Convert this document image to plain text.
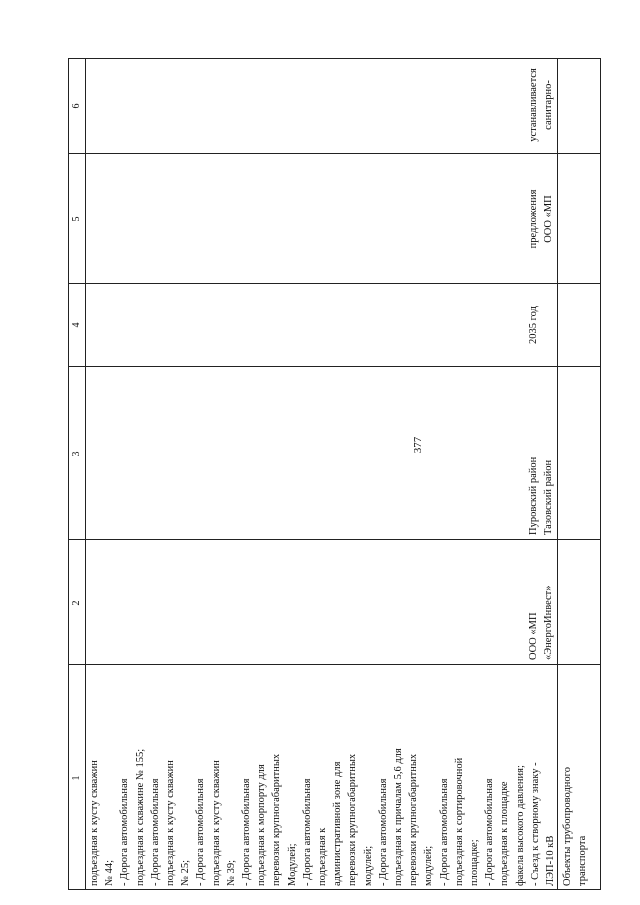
377
1
2
3
4
5
6
подъездная к кусту скважин № 44; - Дорога автомобильная подъездная к скважине № 155; - Дорога автомобильная подъездная к кусту скважин № 25; - Дорога автомобильная подъездная к кусту скважин № 39; - Дорога автомобильная подъездная к морпорту для перевозки крупногабаритных Модулей; - Дорога автомобильная подъездная к административной зоне для перевозки крупногабаритных модулей; - Дорога автомобильная подъездная к причалам 5,6 для перевозки крупногабаритных модулей; - Дорога автомобильная подъездная к сортировочной площадке; - Дорога автомобильная подъездная к площадке факела высокого давления; - Съезд к створному знаку - ЛЭП-10 кВ
ООО «МП «ЭнергоИнвест»
Пуровский район Тазовский район
2035 год
предложения ООО «МП
Объекты трубопроводного транспорта
устанавливается санитарно-
